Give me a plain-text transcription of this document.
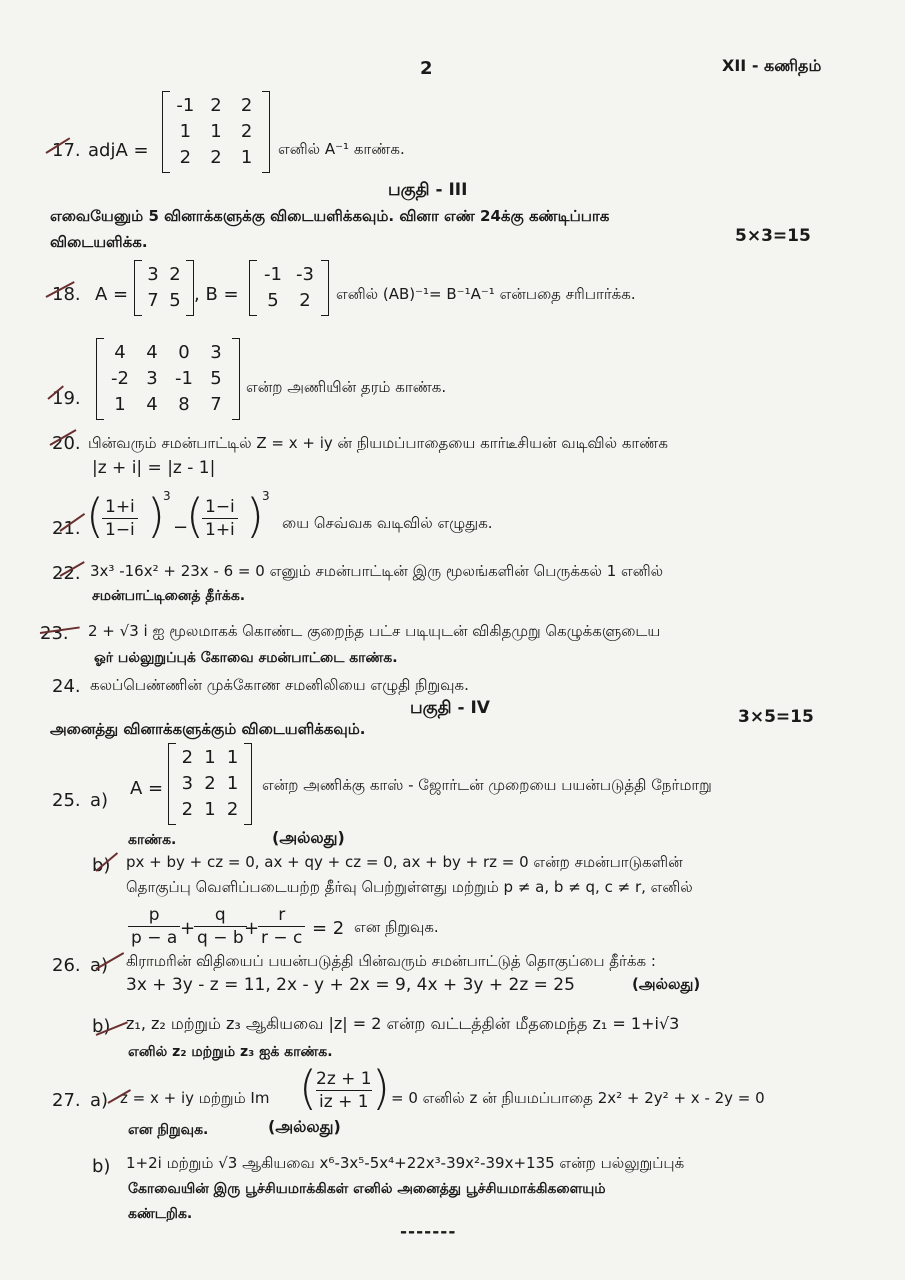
2	XII - கணிதம்
17. adjA =
-1 2	2
1	1	2
2	2	1	எனில் A⁻¹ காண்க.
பகுதி - III
எவையேனும் 5 வினாக்களுக்கு விடையளிக்கவும். வினா எண் 24க்கு கண்டிப்பாக
விடையளிக்க.	5×3=15
18. A =
3 2
7 5 , B =
-1 -3
5	2	எனில் (AB)⁻¹= B⁻¹A⁻¹ என்பதை சரிபார்க்க.
19.
4	4	0	3
-2 3 -1 5
1	4	8	7
என்ற அணியின் தரம் காண்க.
20. பின்வரும் சமன்பாட்டில் Z = x + iy ன் நியமப்பாதையை கார்டீசியன் வடிவில் காண்க
|z + i| = |z - 1|
21. (
$\frac{1+i}{1-i}$ )
3
−
(
$\frac{1-i}{1+i}$ )
3
யை செவ்வக வடிவில் எழுதுக.
22. 3x³ -16x² + 23x - 6 = 0 எனும் சமன்பாட்டின் இரு மூலங்களின் பெருக்கல் 1 எனில்
சமன்பாட்டினைத் தீர்க்க.
23. 2 + √3 i ஐ மூலமாகக் கொண்ட குறைந்த பட்ச படியுடன் விகிதமுறு கெழுக்களுடைய
ஓர் பல்லுறுப்புக் கோவை சமன்பாட்டை காண்க.
24. கலப்பெண்ணின் முக்கோண சமனிலியை எழுதி நிறுவுக.
பகுதி - IV
அனைத்து வினாக்களுக்கும் விடையளிக்கவும்.
3×5=15
25. a)
A =
2 1 1
3 2 1
2 1 2
என்ற அணிக்கு காஸ் - ஜோர்டன் முறையை பயன்படுத்தி நேர்மாறு
காண்க.	(அல்லது)
b) px + by + cz = 0, ax + qy + cz = 0, ax + by + rz = 0 என்ற சமன்பாடுகளின்
தொகுப்பு வெளிப்படையற்ற தீர்வு பெற்றுள்ளது மற்றும் p ≠ a, b ≠ q, c ≠ r, எனில்
$\frac{p}{p - a}$ +
$\frac{q}{q - b}$
+
$\frac{r}{r - c} = 2$ என நிறுவுக.
26. a) கிராமரின் விதியைப் பயன்படுத்தி பின்வரும் சமன்பாட்டுத் தொகுப்பை தீர்க்க :
3x + 3y - z = 11, 2x - y + 2x = 9, 4x + 3y + 2z = 25	(அல்லது)
b) z₁, z₂ மற்றும் z₃ ஆகியவை |z| = 2 என்ற வட்டத்தின் மீதமைந்த z₁ = 1+i√3
எனில் z₂ மற்றும் z₃ ஐக் காண்க.
27. a) z = x + iy மற்றும் Im (
$\frac{2z + 1}{iz + 1}$
) = 0 எனில் z ன் நியமப்பாதை 2x² + 2y² + x - 2y = 0
என நிறுவுக.	(அல்லது)
b) 1+2i மற்றும் √3 ஆகியவை x⁶-3x⁵-5x⁴+22x³-39x²-39x+135 என்ற பல்லுறுப்புக்
கோவையின் இரு பூச்சியமாக்கிகள் எனில் அனைத்து பூச்சியமாக்கிகளையும்
கண்டறிக.
-------
